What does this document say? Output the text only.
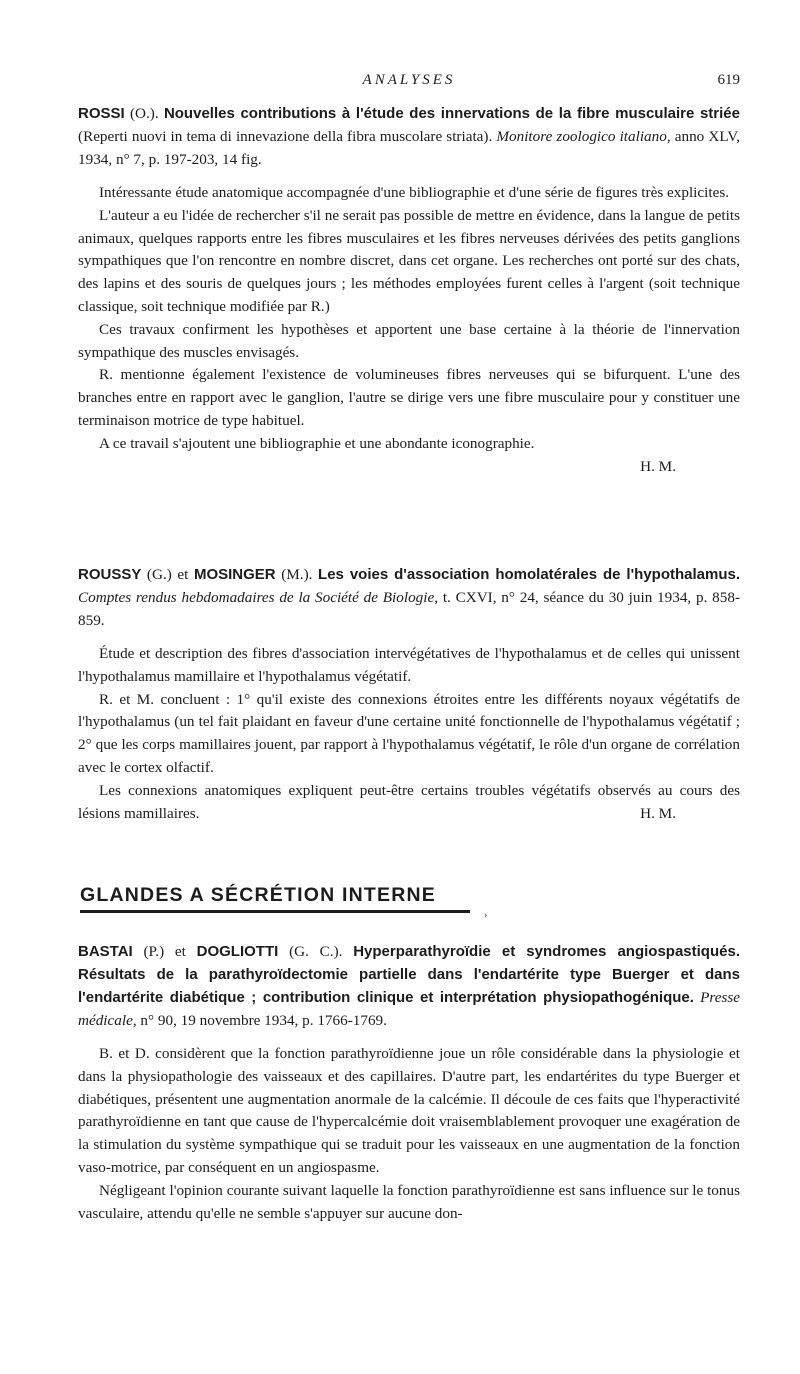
ANALYSES	619

ROSSI (O.). Nouvelles contributions à l'étude des innervations de la fibre musculaire striée (Reperti nuovi in tema di innevazione della fibra muscolare striata). Monitore zoologico italiano, anno XLV, 1934, n° 7, p. 197-203, 14 fig.

Intéressante étude anatomique accompagnée d'une bibliographie et d'une série de figures très explicites.

L'auteur a eu l'idée de rechercher s'il ne serait pas possible de mettre en évidence, dans la langue de petits animaux, quelques rapports entre les fibres musculaires et les fibres nerveuses dérivées des petits ganglions sympathiques que l'on rencontre en nombre discret, dans cet organe. Les recherches ont porté sur des chats, des lapins et des souris de quelques jours ; les méthodes employées furent celles à l'argent (soit technique classique, soit technique modifiée par R.)

Ces travaux confirment les hypothèses et apportent une base certaine à la théorie de l'innervation sympathique des muscles envisagés.

R. mentionne également l'existence de volumineuses fibres nerveuses qui se bifurquent. L'une des branches entre en rapport avec le ganglion, l'autre se dirige vers une fibre musculaire pour y constituer une terminaison motrice de type habituel.

A ce travail s'ajoutent une bibliographie et une abondante iconographie.

H. M.

ROUSSY (G.) et MOSINGER (M.). Les voies d'association homolatérales de l'hypothalamus. Comptes rendus hebdomadaires de la Société de Biologie, t. CXVI, n° 24, séance du 30 juin 1934, p. 858-859.

Étude et description des fibres d'association intervégétatives de l'hypothalamus et de celles qui unissent l'hypothalamus mamillaire et l'hypothalamus végétatif.

R. et M. concluent : 1° qu'il existe des connexions étroites entre les différents noyaux végétatifs de l'hypothalamus (un tel fait plaidant en faveur d'une certaine unité fonctionnelle de l'hypothalamus végétatif ; 2° que les corps mamillaires jouent, par rapport à l'hypothalamus végétatif, le rôle d'un organe de corrélation avec le cortex olfactif.

Les connexions anatomiques expliquent peut-être certains troubles végétatifs observés au cours des lésions mamillaires.	H. M.
GLANDES A SÉCRÉTION INTERNE
›

BASTAI (P.) et DOGLIOTTI (G. C.). Hyperparathyroïdie et syndromes angiospastiqués. Résultats de la parathyroïdectomie partielle dans l'endartérite type Buerger et dans l'endartérite diabétique ; contribution clinique et interprétation physiopathogénique. Presse médicale, n° 90, 19 novembre 1934, p. 1766-1769.

B. et D. considèrent que la fonction parathyroïdienne joue un rôle considérable dans la physiologie et dans la physiopathologie des vaisseaux et des capillaires. D'autre part, les endartérites du type Buerger et diabétiques, présentent une augmentation anormale de la calcémie. Il découle de ces faits que l'hyperactivité parathyroïdienne en tant que cause de l'hypercalcémie doit vraisemblablement provoquer une exagération de la stimulation du système sympathique qui se traduit pour les vaisseaux en une augmentation de la fonction vaso-motrice, par conséquent en un angiospasme.

Négligeant l'opinion courante suivant laquelle la fonction parathyroïdienne est sans influence sur le tonus vasculaire, attendu qu'elle ne semble s'appuyer sur aucune don-
